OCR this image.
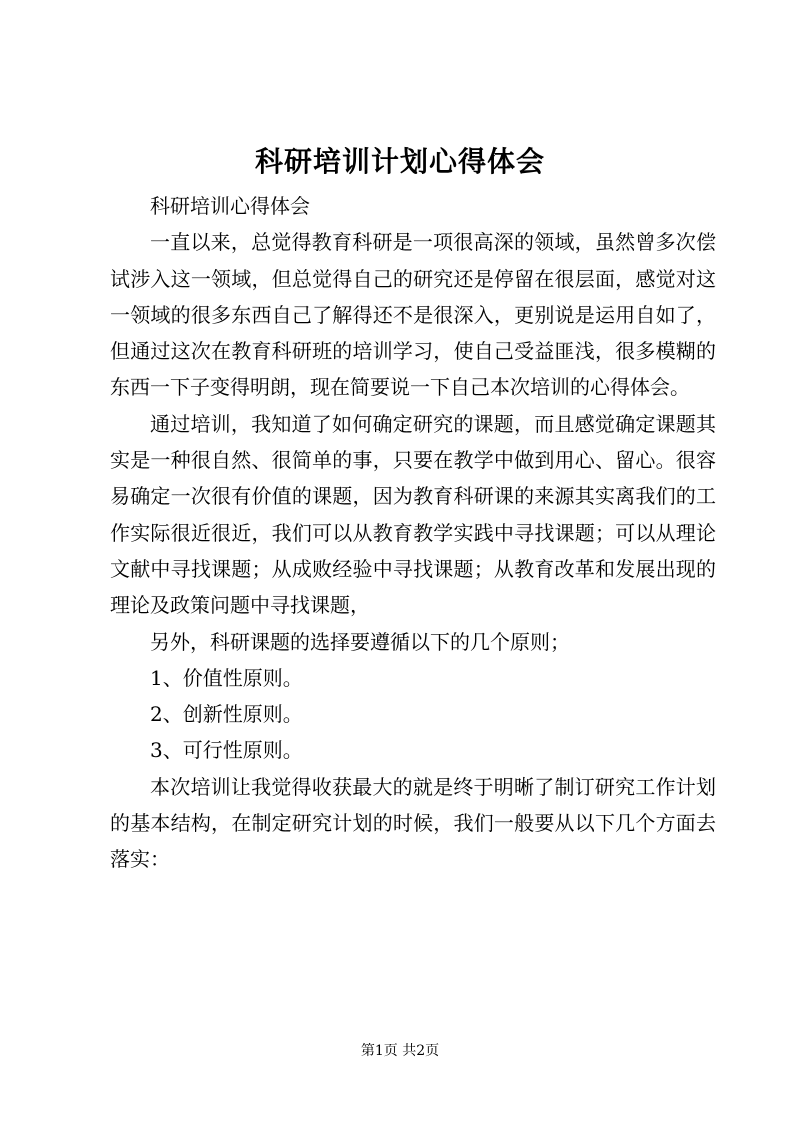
科研培训计划心得体会

科研培训心得体会

一直以来，总觉得教育科研是一项很高深的领域，虽然曾多次偿试涉入这一领域，但总觉得自己的研究还是停留在很层面，感觉对这一领域的很多东西自己了解得还不是很深入，更别说是运用自如了，但通过这次在教育科研班的培训学习，使自己受益匪浅，很多模糊的东西一下子变得明朗，现在简要说一下自己本次培训的心得体会。

通过培训，我知道了如何确定研究的课题，而且感觉确定课题其实是一种很自然、很简单的事，只要在教学中做到用心、留心。很容易确定一次很有价值的课题，因为教育科研课的来源其实离我们的工作实际很近很近，我们可以从教育教学实践中寻找课题；可以从理论文献中寻找课题；从成败经验中寻找课题；从教育改革和发展出现的理论及政策问题中寻找课题，

另外，科研课题的选择要遵循以下的几个原则；

1、价值性原则。

2、创新性原则。

3、可行性原则。

本次培训让我觉得收获最大的就是终于明晰了制订研究工作计划的基本结构，在制定研究计划的时候，我们一般要从以下几个方面去落实：

第1页 共2页
